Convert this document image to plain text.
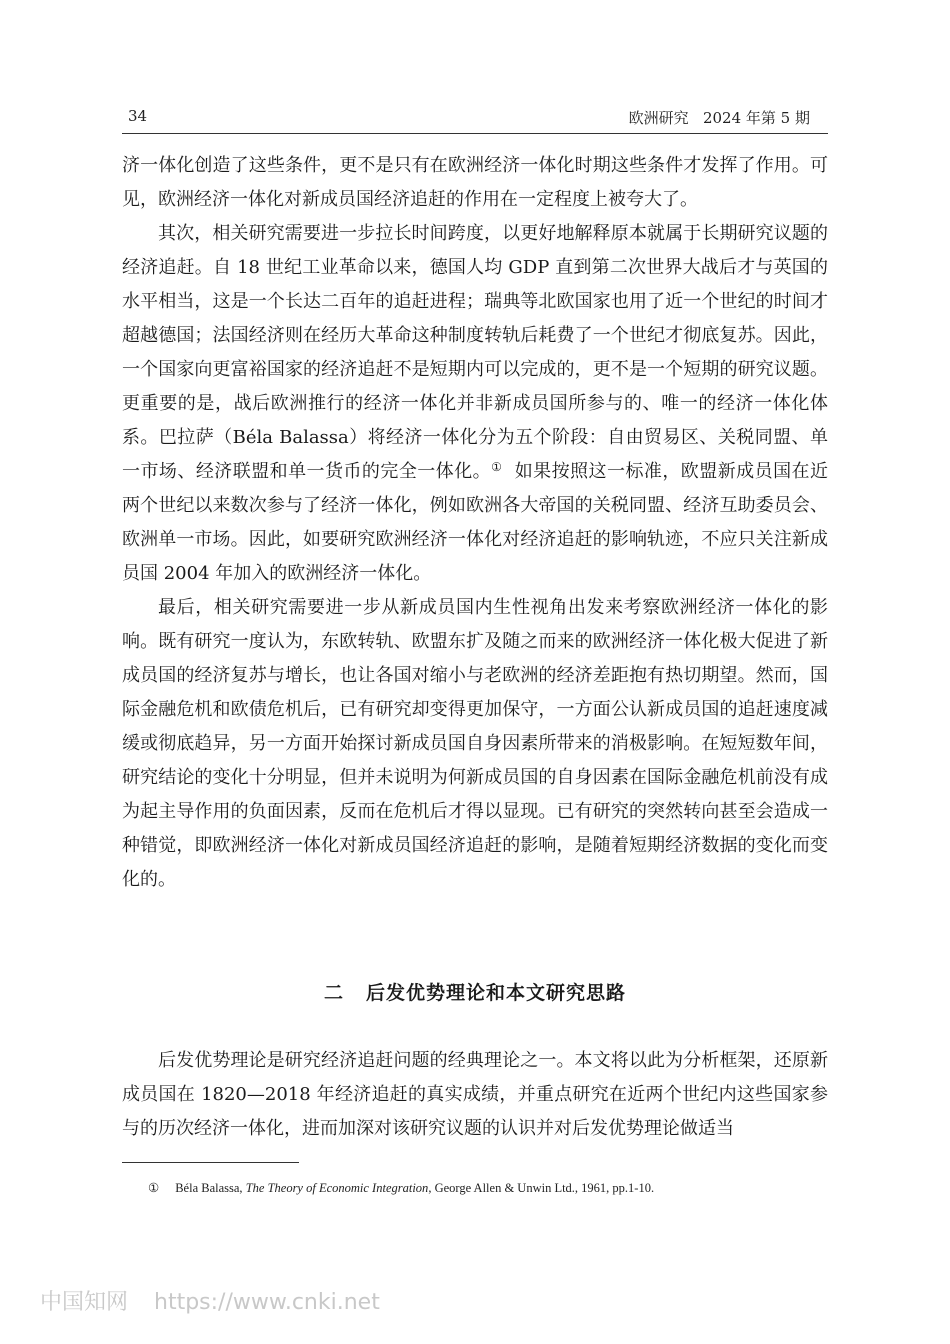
34	欧洲研究 2024 年第 5 期

济一体化创造了这些条件，更不是只有在欧洲经济一体化时期这些条件才发挥了作用。可见，欧洲经济一体化对新成员国经济追赶的作用在一定程度上被夸大了。

其次，相关研究需要进一步拉长时间跨度，以更好地解释原本就属于长期研究议题的经济追赶。自 18 世纪工业革命以来，德国人均 GDP 直到第二次世界大战后才与英国的水平相当，这是一个长达二百年的追赶进程；瑞典等北欧国家也用了近一个世纪的时间才超越德国；法国经济则在经历大革命这种制度转轨后耗费了一个世纪才彻底复苏。因此，一个国家向更富裕国家的经济追赶不是短期内可以完成的，更不是一个短期的研究议题。更重要的是，战后欧洲推行的经济一体化并非新成员国所参与的、唯一的经济一体化体系。巴拉萨（Béla Balassa）将经济一体化分为五个阶段：自由贸易区、关税同盟、单一市场、经济联盟和单一货币的完全一体化。① 如果按照这一标准，欧盟新成员国在近两个世纪以来数次参与了经济一体化，例如欧洲各大帝国的关税同盟、经济互助委员会、欧洲单一市场。因此，如要研究欧洲经济一体化对经济追赶的影响轨迹，不应只关注新成员国 2004 年加入的欧洲经济一体化。

最后，相关研究需要进一步从新成员国内生性视角出发来考察欧洲经济一体化的影响。既有研究一度认为，东欧转轨、欧盟东扩及随之而来的欧洲经济一体化极大促进了新成员国的经济复苏与增长，也让各国对缩小与老欧洲的经济差距抱有热切期望。然而，国际金融危机和欧债危机后，已有研究却变得更加保守，一方面公认新成员国的追赶速度减缓或彻底趋异，另一方面开始探讨新成员国自身因素所带来的消极影响。在短短数年间，研究结论的变化十分明显，但并未说明为何新成员国的自身因素在国际金融危机前没有成为起主导作用的负面因素，反而在危机后才得以显现。已有研究的突然转向甚至会造成一种错觉，即欧洲经济一体化对新成员国经济追赶的影响，是随着短期经济数据的变化而变化的。

二 后发优势理论和本文研究思路

后发优势理论是研究经济追赶问题的经典理论之一。本文将以此为分析框架，还原新成员国在 1820—2018 年经济追赶的真实成绩，并重点研究在近两个世纪内这些国家参与的历次经济一体化，进而加深对该研究议题的认识并对后发优势理论做适当

① Béla Balassa, The Theory of Economic Integration, George Allen & Unwin Ltd., 1961, pp.1-10.
中国知网 https://www.cnki.net
